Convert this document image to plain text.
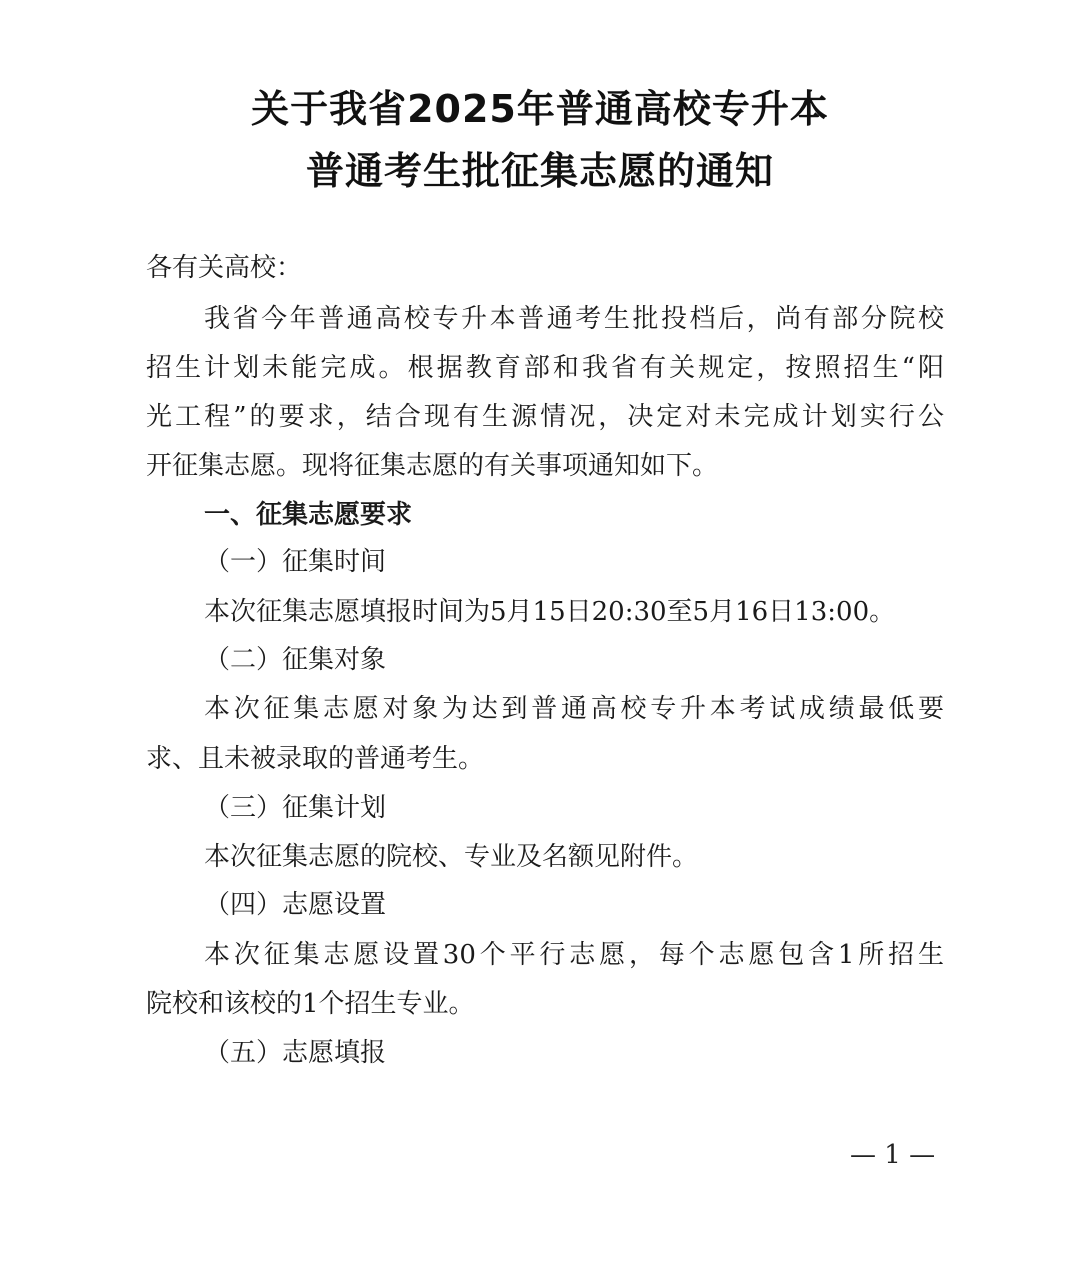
关于我省2025年普通高校专升本
普通考生批征集志愿的通知
各有关高校：
我省今年普通高校专升本普通考生批投档后，尚有部分院校
招生计划未能完成。根据教育部和我省有关规定，按照招生“阳
光工程”的要求，结合现有生源情况，决定对未完成计划实行公
开征集志愿。现将征集志愿的有关事项通知如下。
一、征集志愿要求
（一）征集时间
本次征集志愿填报时间为5月15日20:30至5月16日13:00。
（二）征集对象
本次征集志愿对象为达到普通高校专升本考试成绩最低要
求、且未被录取的普通考生。
（三）征集计划
本次征集志愿的院校、专业及名额见附件。
（四）志愿设置
本次征集志愿设置30个平行志愿，每个志愿包含1所招生
院校和该校的1个招生专业。
（五）志愿填报
— 1 —
